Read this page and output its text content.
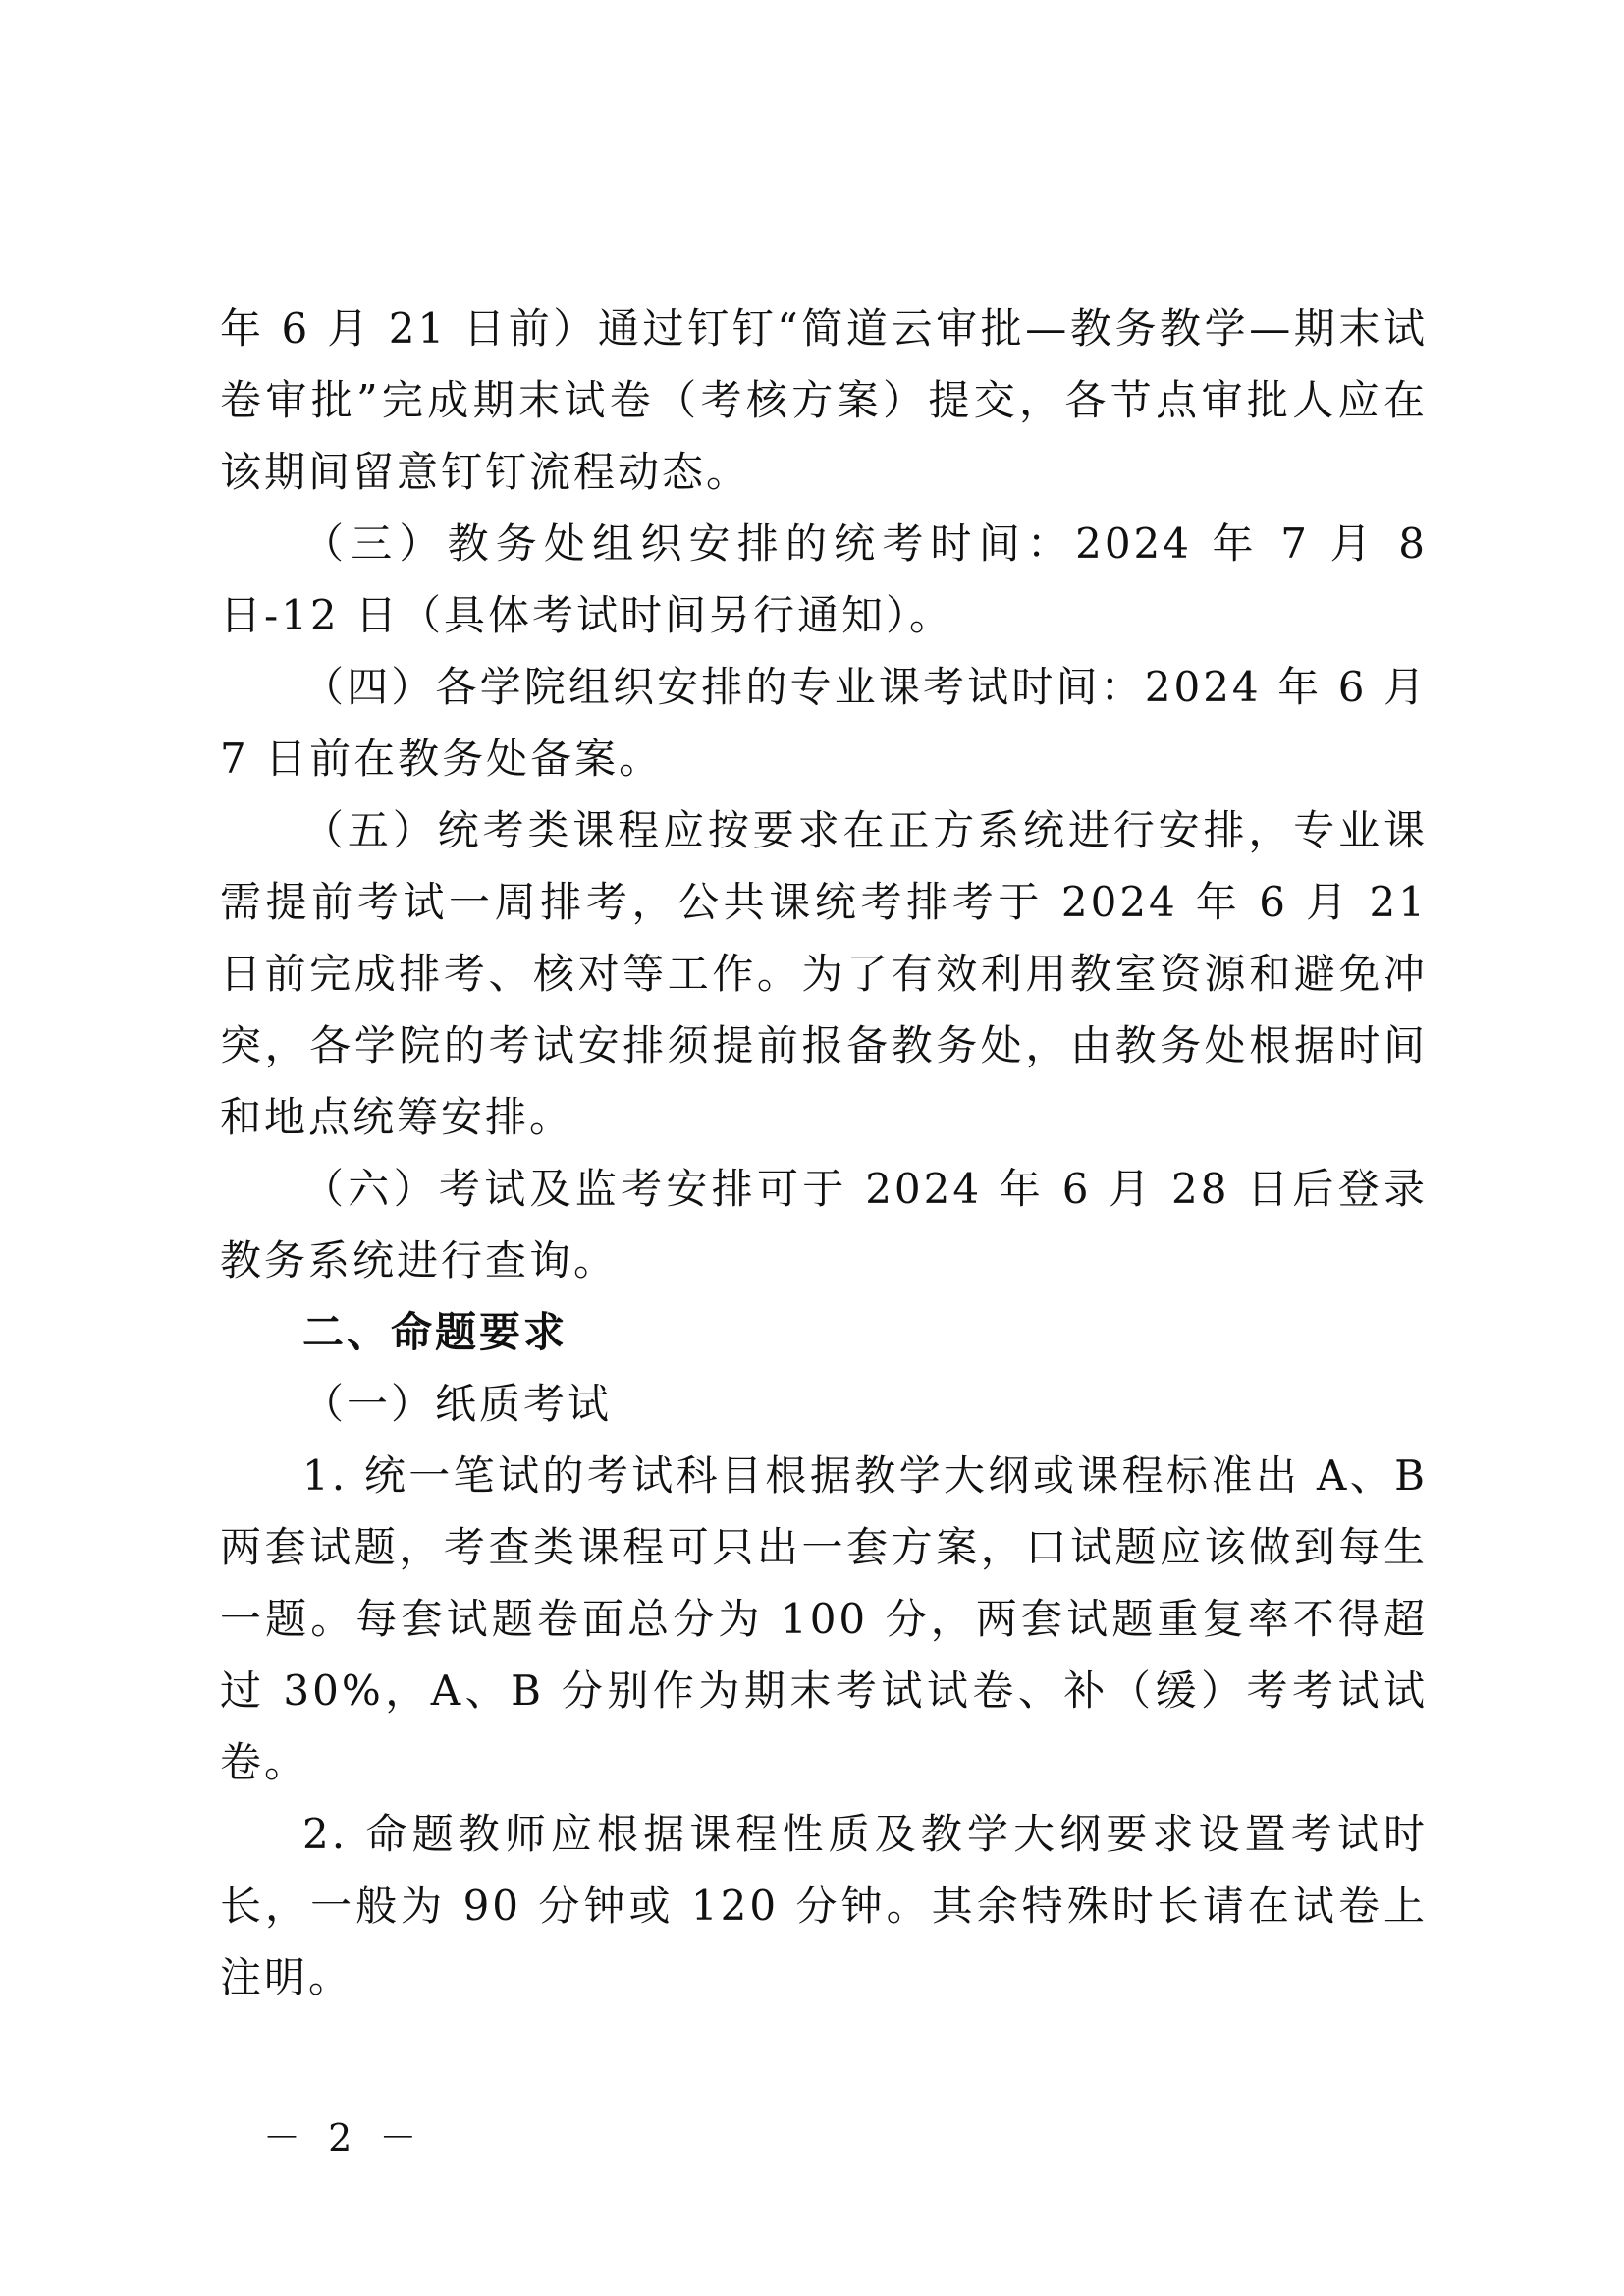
年 6 月 21 日前）通过钉钉“简道云审批—教务教学—期末试卷审批”完成期末试卷（考核方案）提交，各节点审批人应在该期间留意钉钉流程动态。

（三）教务处组织安排的统考时间：2024 年 7 月 8 日-12 日（具体考试时间另行通知）。

（四）各学院组织安排的专业课考试时间：2024 年 6 月 7 日前在教务处备案。

（五）统考类课程应按要求在正方系统进行安排，专业课需提前考试一周排考，公共课统考排考于 2024 年 6 月 21 日前完成排考、核对等工作。为了有效利用教室资源和避免冲突，各学院的考试安排须提前报备教务处，由教务处根据时间和地点统筹安排。

（六）考试及监考安排可于 2024 年 6 月 28 日后登录教务系统进行查询。

二、命题要求

（一）纸质考试

1. 统一笔试的考试科目根据教学大纲或课程标准出 A、B 两套试题，考查类课程可只出一套方案，口试题应该做到每生一题。每套试题卷面总分为 100 分，两套试题重复率不得超过 30%，A、B 分别作为期末考试试卷、补（缓）考考试试卷。

2. 命题教师应根据课程性质及教学大纲要求设置考试时长，一般为 90 分钟或 120 分钟。其余特殊时长请在试卷上注明。

－ 2 －
